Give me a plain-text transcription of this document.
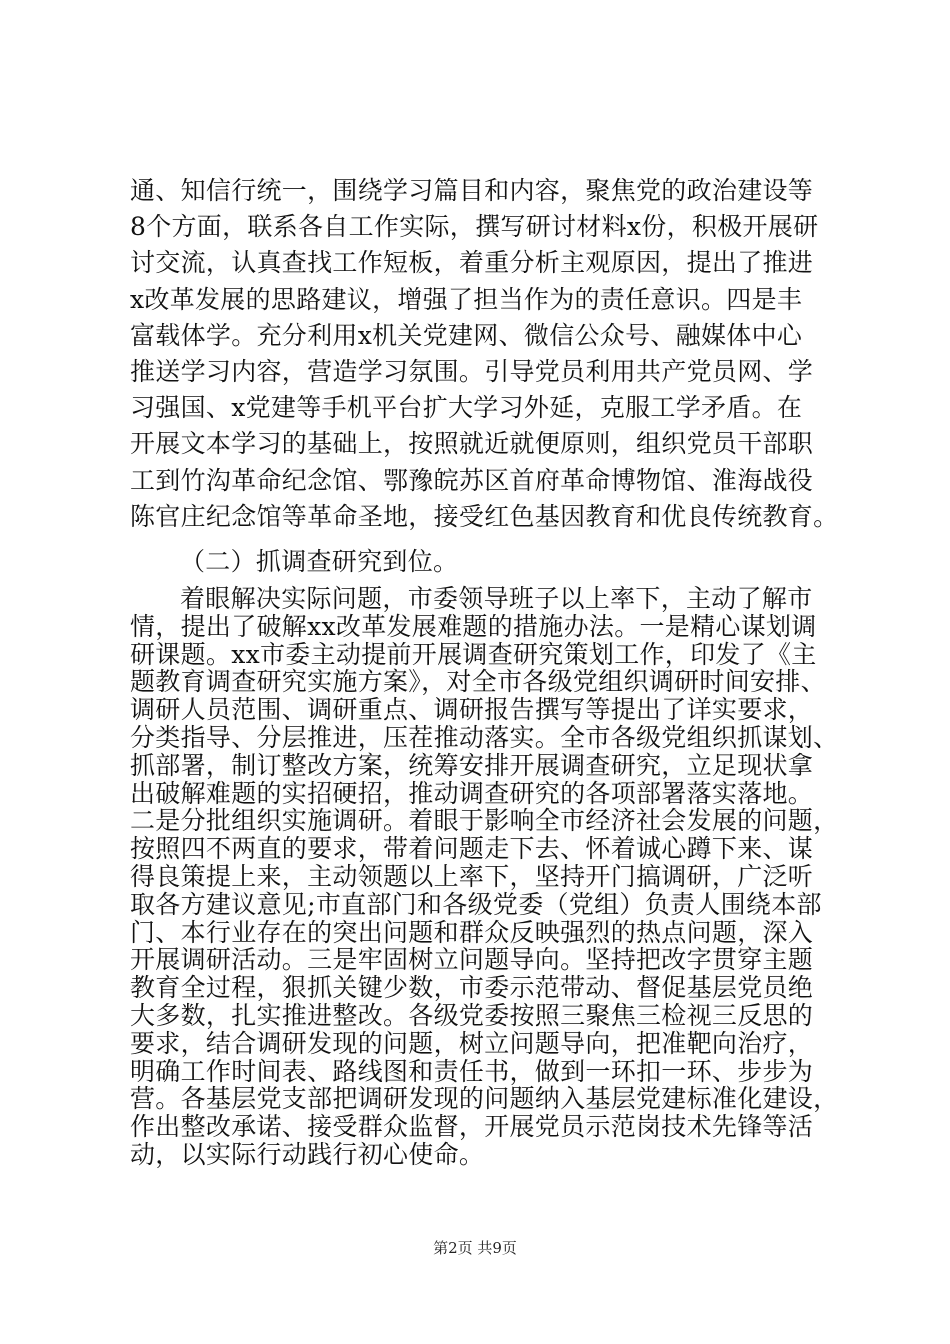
通、知信行统一，围绕学习篇目和内容，聚焦党的政治建设等
8个方面，联系各自工作实际，撰写研讨材料x份，积极开展研
讨交流，认真查找工作短板，着重分析主观原因，提出了推进
x改革发展的思路建议，增强了担当作为的责任意识。四是丰
富载体学。充分利用x机关党建网、微信公众号、融媒体中心
推送学习内容，营造学习氛围。引导党员利用共产党员网、学
习强国、x党建等手机平台扩大学习外延，克服工学矛盾。在
开展文本学习的基础上，按照就近就便原则，组织党员干部职
工到竹沟革命纪念馆、鄂豫皖苏区首府革命博物馆、淮海战役
陈官庄纪念馆等革命圣地，接受红色基因教育和优良传统教育。
（二）抓调查研究到位。
着眼解决实际问题，市委领导班子以上率下，主动了解市
情，提出了破解xx改革发展难题的措施办法。一是精心谋划调
研课题。xx市委主动提前开展调查研究策划工作，印发了《主
题教育调查研究实施方案》，对全市各级党组织调研时间安排、
调研人员范围、调研重点、调研报告撰写等提出了详实要求，
分类指导、分层推进，压茬推动落实。全市各级党组织抓谋划、
抓部署，制订整改方案，统筹安排开展调查研究，立足现状拿
出破解难题的实招硬招，推动调查研究的各项部署落实落地。
二是分批组织实施调研。着眼于影响全市经济社会发展的问题，
按照四不两直的要求，带着问题走下去、怀着诚心蹲下来、谋
得良策提上来，主动领题以上率下，坚持开门搞调研，广泛听
取各方建议意见;市直部门和各级党委（党组）负责人围绕本部
门、本行业存在的突出问题和群众反映强烈的热点问题，深入
开展调研活动。三是牢固树立问题导向。坚持把改字贯穿主题
教育全过程，狠抓关键少数，市委示范带动、督促基层党员绝
大多数，扎实推进整改。各级党委按照三聚焦三检视三反思的
要求，结合调研发现的问题，树立问题导向，把准靶向治疗，
明确工作时间表、路线图和责任书，做到一环扣一环、步步为
营。各基层党支部把调研发现的问题纳入基层党建标准化建设，
作出整改承诺、接受群众监督，开展党员示范岗技术先锋等活
动，以实际行动践行初心使命。
第2页 共9页
